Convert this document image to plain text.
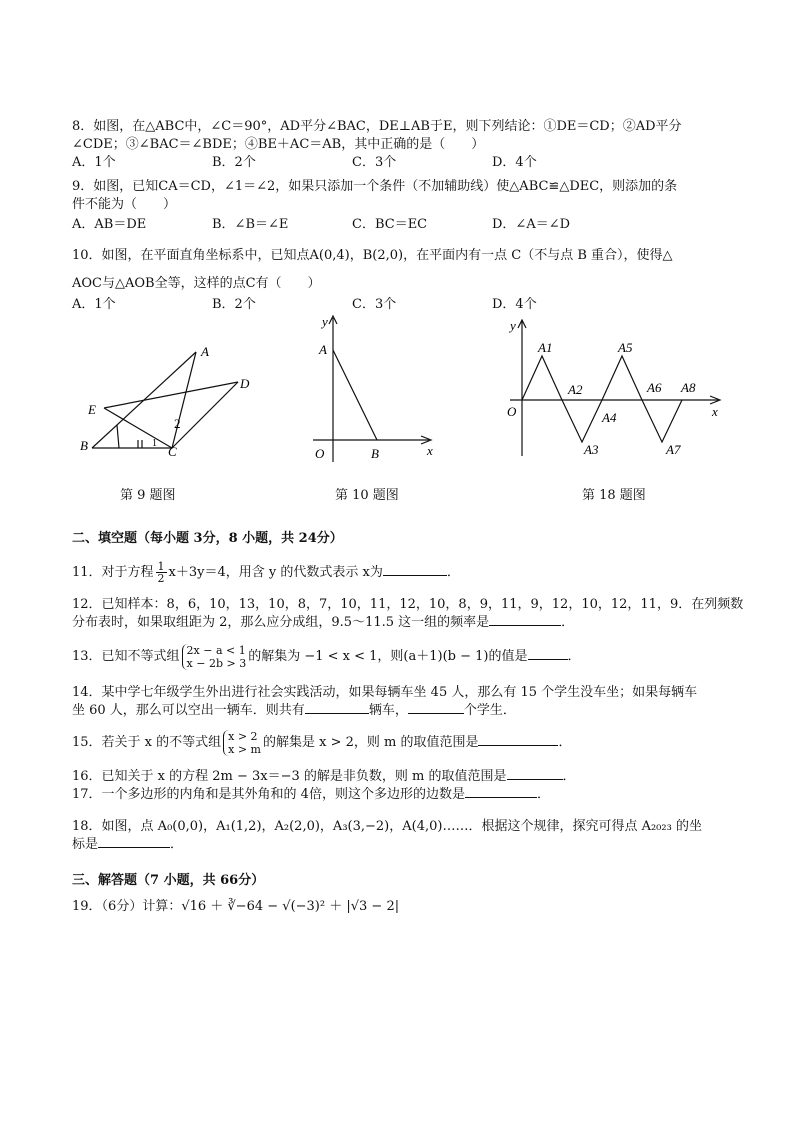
8．如图，在△ABC中，∠C＝90°，AD平分∠BAC，DE⊥AB于E，则下列结论：①DE＝CD；②AD平分
∠CDE；③∠BAC＝∠BDE；④BE＋AC＝AB，其中正确的是（　　）
A．1个	B．2个	C．3个	D．4个
9．如图，已知CA＝CD，∠1＝∠2，如果只添加一个条件（不加辅助线）使△ABC≌△DEC，则添加的条
件不能为（　　）
A．AB＝DE	B．∠B＝∠E	C．BC＝EC	D．∠A＝∠D
10．如图，在平面直角坐标系中，已知点A(0,4)，B(2,0)，在平面内有一点 C（不与点 B 重合），使得△
AOC与△AOB全等，这样的点C有（　　）
A．1个	B．2个	C．3个	D．4个
A
D
E
B	C
1
2
第 9 题图
y
A
O	B	x
第 10 题图
y
A1	A5
A2	A6 A8
O	A4	x
A3	A7
第 18 题图
二、填空题（每小题 3分，8 小题，共 24分）
11．对于方程 $\frac{1}{2} x+3y=4$，用含 y 的代数式表示 x为	．
12．已知样本：8，6，10，13，10，8，7，10，11，12，10，8，9，11，9，12，10，12，11，9．在列频数
分布表时，如果取组距为 2，那么应分成组，9.5～11.5 这一组的频率是	．
13．已知不等式组 2x − a < 1
x − 2b > 3 的解集为 −1 < x < 1，则(a＋1)(b − 1)的值是	．
14．某中学七年级学生外出进行社会实践活动，如果每辆车坐 45 人，那么有 15 个学生没车坐；如果每辆车
坐 60 人，那么可以空出一辆车．则共有	辆车，	个学生．
15．若关于 x 的不等式组 x > 2
x > m 的解集是 x > 2，则 m 的取值范围是	．
16．已知关于 x 的方程 2m − 3x＝−3 的解是非负数，则 m 的取值范围是	．
17．一个多边形的内角和是其外角和的 4倍，则这个多边形的边数是	．
18．如图，点 A₀(0,0)，A₁(1,2)，A₂(2,0)，A₃(3,−2)，A(4,0)……．根据这个规律，探究可得点 A₂₀₂₃ 的坐
标是	．
三、解答题（7 小题，共 66分）
19．（6分）计算：√16 ＋ ∛−64 − √(−3)² ＋ |√3 − 2|
